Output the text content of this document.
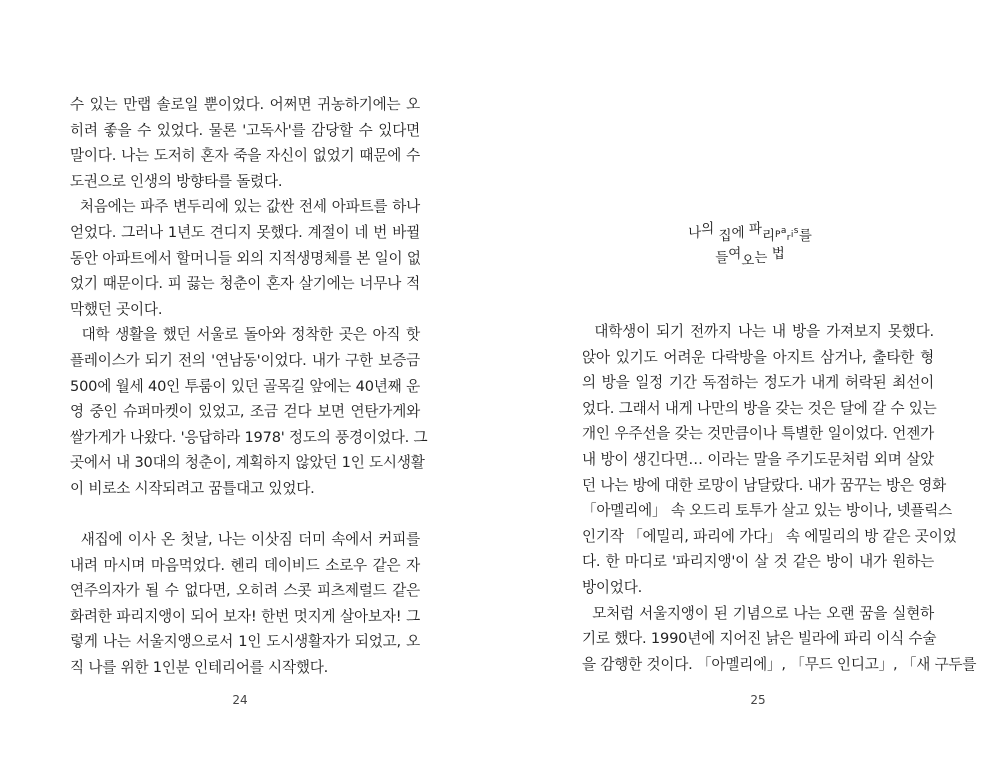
수 있는 만랩 솔로일 뿐이었다. 어쩌면 귀농하기에는 오
히려 좋을 수 있었다. 물론 '고독사'를 감당할 수 있다면
말이다. 나는 도저히 혼자 죽을 자신이 없었기 때문에 수
도권으로 인생의 방향타를 돌렸다.
처음에는 파주 변두리에 있는 값싼 전세 아파트를 하나
얻었다. 그러나 1년도 견디지 못했다. 계절이 네 번 바뀔
동안 아파트에서 할머니들 외의 지적생명체를 본 일이 없
었기 때문이다. 피 끓는 청춘이 혼자 살기에는 너무나 적
막했던 곳이다.
대학 생활을 했던 서울로 돌아와 정착한 곳은 아직 핫
플레이스가 되기 전의 '연남동'이었다. 내가 구한 보증금
500에 월세 40인 투룸이 있던 골목길 앞에는 40년째 운
영 중인 슈퍼마켓이 있었고, 조금 걷다 보면 연탄가게와
쌀가게가 나왔다. '응답하라 1978' 정도의 풍경이었다. 그
곳에서 내 30대의 청춘이, 계획하지 않았던 1인 도시생활
이 비로소 시작되려고 꿈틀대고 있었다.
새집에 이사 온 첫날, 나는 이삿짐 더미 속에서 커피를
내려 마시며 마음먹었다. 헨리 데이비드 소로우 같은 자
연주의자가 될 수 없다면, 오히려 스콧 피츠제럴드 같은
화려한 파리지앵이 되어 보자! 한번 멋지게 살아보자! 그
렇게 나는 서울지앵으로서 1인 도시생활자가 되었고, 오
직 나를 위한 1인분 인테리어를 시작했다.
24
나의 집에 파리Paris를
들여오는 법
대학생이 되기 전까지 나는 내 방을 가져보지 못했다.
앉아 있기도 어려운 다락방을 아지트 삼거나, 출타한 형
의 방을 일정 기간 독점하는 정도가 내게 허락된 최선이
었다. 그래서 내게 나만의 방을 갖는 것은 달에 갈 수 있는
개인 우주선을 갖는 것만큼이나 특별한 일이었다. 언젠가
내 방이 생긴다면… 이라는 말을 주기도문처럼 외며 살았
던 나는 방에 대한 로망이 남달랐다. 내가 꿈꾸는 방은 영화
「아멜리에」 속 오드리 토투가 살고 있는 방이나, 넷플릭스
인기작 「에밀리, 파리에 가다」 속 에밀리의 방 같은 곳이었
다. 한 마디로 '파리지앵'이 살 것 같은 방이 내가 원하는
방이었다.
모처럼 서울지앵이 된 기념으로 나는 오랜 꿈을 실현하
기로 했다. 1990년에 지어진 낡은 빌라에 파리 이식 수술
을 감행한 것이다. 「아멜리에」, 「무드 인디고」, 「새 구두를
25
